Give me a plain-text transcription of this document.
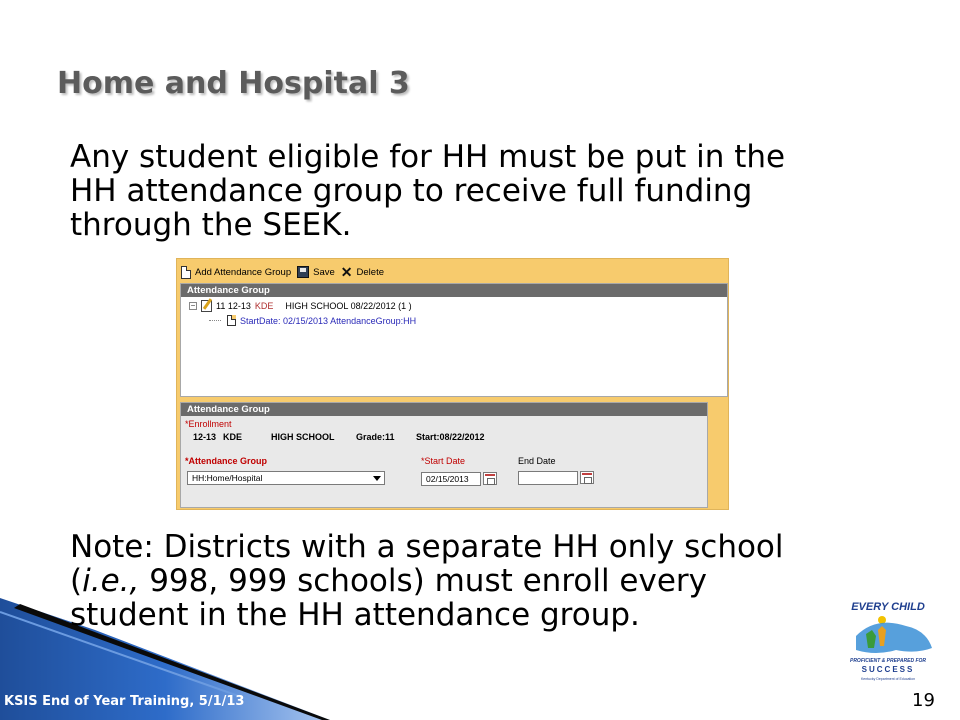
Home and Hospital 3
Any student eligible for HH must be put in the HH attendance group to receive full funding through the SEEK.
Note: Districts with a separate HH only school (i.e., 998, 999 schools) must enroll every student in the HH attendance group.
Add Attendance Group Save ✕ Delete
Attendance Group
− 11 12-13 KDE HIGH SCHOOL 08/22/2012 (1 )
StartDate: 02/15/2013 AttendanceGroup:HH
Attendance Group
*Enrollment
12-13 KDE	HIGH SCHOOL Grade:11 Start:08/22/2012
*Attendance Group
HH:Home/Hospital
*Start Date
02/15/2013
End Date
EVERY CHILD
PROFICIENT & PREPARED FOR
SUCCESS
Kentucky Department of Education
KSIS End of Year Training, 5/1/13	19
